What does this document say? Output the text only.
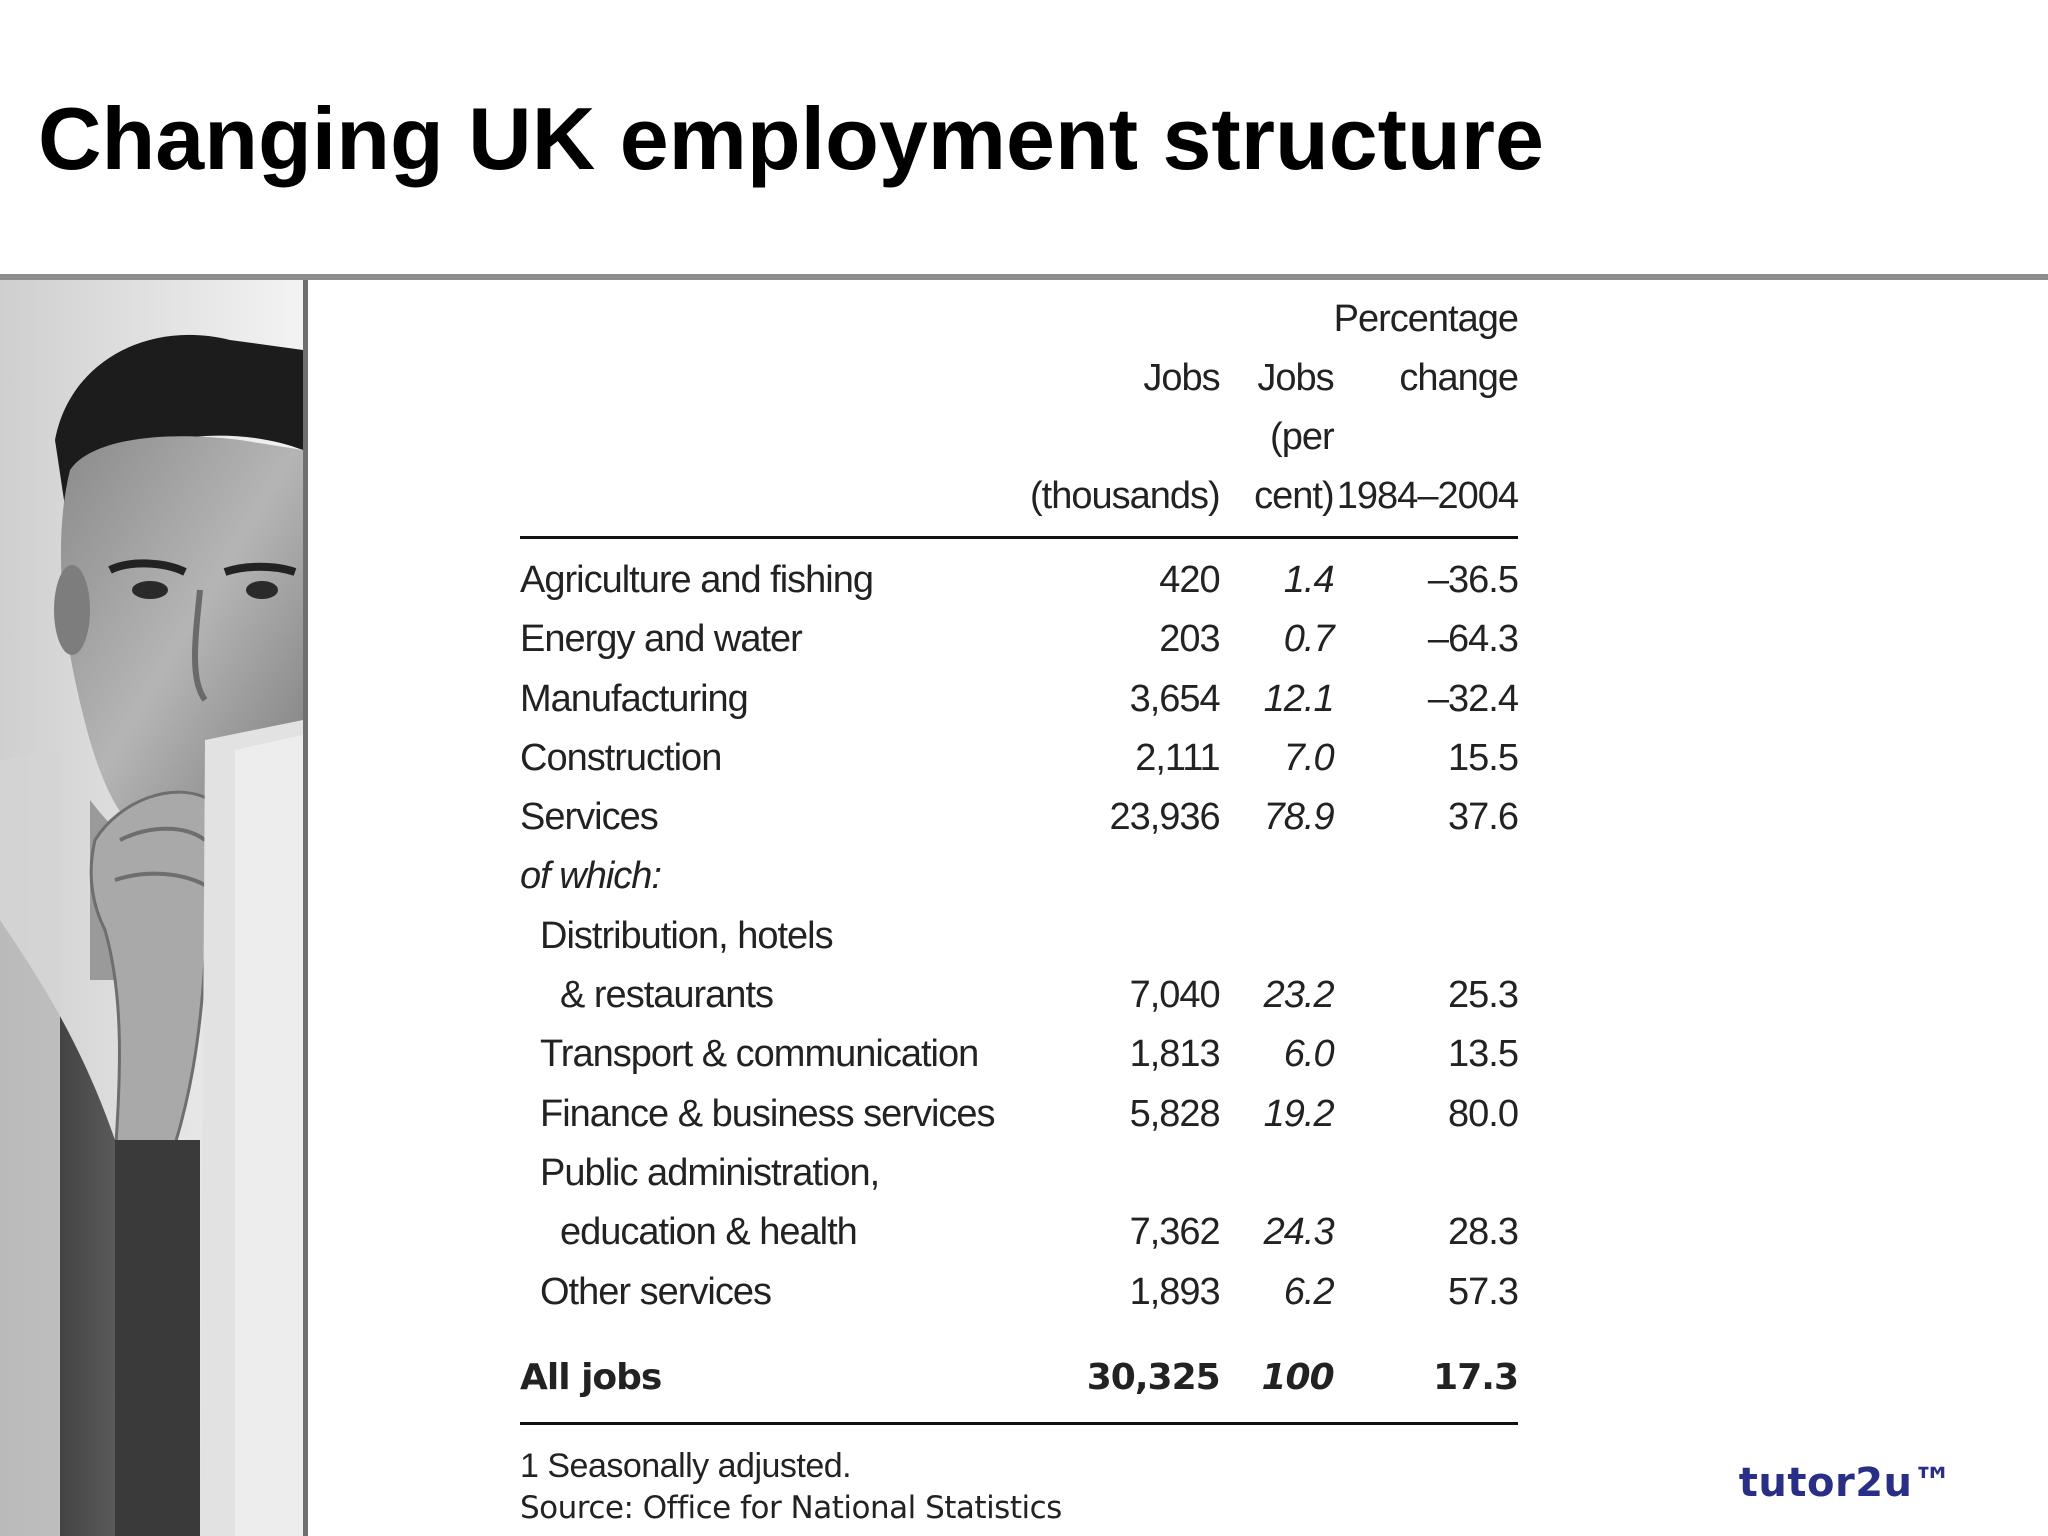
Changing UK employment structure
			Percentage
	Jobs	Jobs	change
	(thousands)	(per cent)	1984–2004
Agriculture and fishing	420	1.4	–36.5
Energy and water	203	0.7	–64.3
Manufacturing	3,654	12.1	–32.4
Construction	2,111	7.0	15.5
Services	23,936	78.9	37.6
of which:			
Distribution, hotels			
& restaurants	7,040	23.2	25.3
Transport & communication	1,813	6.0	13.5
Finance & business services	5,828	19.2	80.0
Public administration,			
education & health	7,362	24.3	28.3
Other services	1,893	6.2	57.3
All jobs	30,325	100	17.3
1 Seasonally adjusted.
Source: Office for National Statistics
tutor2u™
